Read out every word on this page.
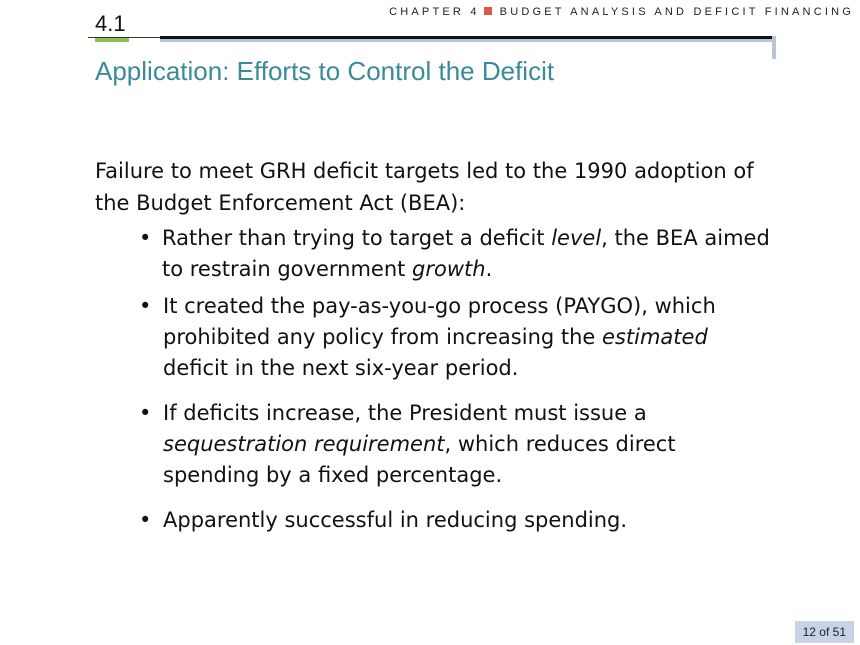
CHAPTER 4 BUDGET ANALYSIS AND DEFICIT FINANCING
4.1
Application: Efforts to Control the Deficit

Failure to meet GRH deficit targets led to the 1990 adoption of the Budget Enforcement Act (BEA):

• Rather than trying to target a deficit level, the BEA aimed to restrain government growth.
• It created the pay-as-you-go process (PAYGO), which prohibited any policy from increasing the estimated deficit in the next six-year period.
• If deficits increase, the President must issue a sequestration requirement, which reduces direct spending by a fixed percentage.
• Apparently successful in reducing spending.
12 of 51
